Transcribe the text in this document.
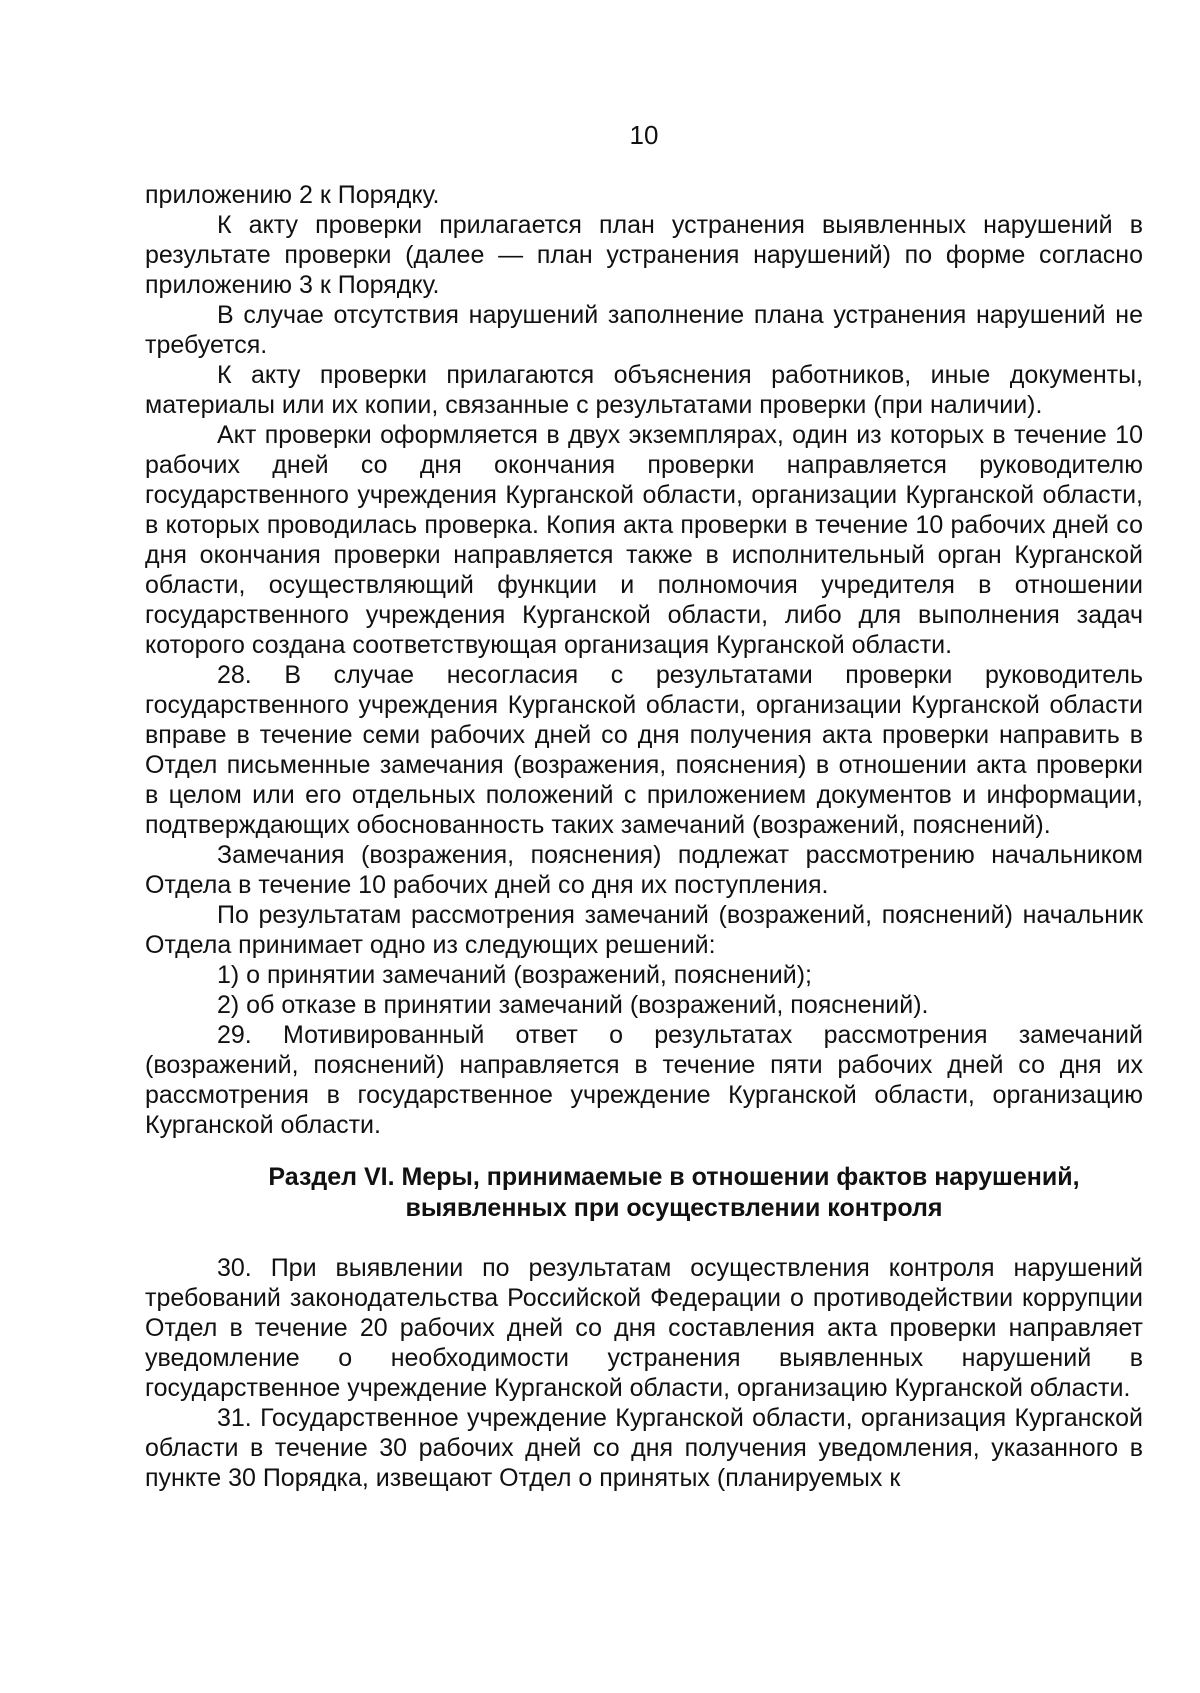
10

приложению 2 к Порядку.

К акту проверки прилагается план устранения выявленных нарушений в результате проверки (далее — план устранения нарушений) по форме согласно приложению 3 к Порядку.

В случае отсутствия нарушений заполнение плана устранения нарушений не требуется.

К акту проверки прилагаются объяснения работников, иные документы, материалы или их копии, связанные с результатами проверки (при наличии).

Акт проверки оформляется в двух экземплярах, один из которых в течение 10 рабочих дней со дня окончания проверки направляется руководителю государственного учреждения Курганской области, организации Курганской области, в которых проводилась проверка. Копия акта проверки в течение 10 рабочих дней со дня окончания проверки направляется также в исполнительный орган Курганской области, осуществляющий функции и полномочия учредителя в отношении государственного учреждения Курганской области, либо для выполнения задач которого создана соответствующая организация Курганской области.

28. В случае несогласия с результатами проверки руководитель государственного учреждения Курганской области, организации Курганской области вправе в течение семи рабочих дней со дня получения акта проверки направить в Отдел письменные замечания (возражения, пояснения) в отношении акта проверки в целом или его отдельных положений с приложением документов и информации, подтверждающих обоснованность таких замечаний (возражений, пояснений).

Замечания (возражения, пояснения) подлежат рассмотрению начальником Отдела в течение 10 рабочих дней со дня их поступления.

По результатам рассмотрения замечаний (возражений, пояснений) начальник Отдела принимает одно из следующих решений:

1) о принятии замечаний (возражений, пояснений);

2) об отказе в принятии замечаний (возражений, пояснений).

29. Мотивированный ответ о результатах рассмотрения замечаний (возражений, пояснений) направляется в течение пяти рабочих дней со дня их рассмотрения в государственное учреждение Курганской области, организацию Курганской области.

Раздел VI. Меры, принимаемые в отношении фактов нарушений,
выявленных при осуществлении контроля

30. При выявлении по результатам осуществления контроля нарушений требований законодательства Российской Федерации о противодействии коррупции Отдел в течение 20 рабочих дней со дня составления акта проверки направляет уведомление о необходимости устранения выявленных нарушений в государственное учреждение Курганской области, организацию Курганской области.

31. Государственное учреждение Курганской области, организация Курганской области в течение 30 рабочих дней со дня получения уведомления, указанного в пункте 30 Порядка, извещают Отдел о принятых (планируемых к
